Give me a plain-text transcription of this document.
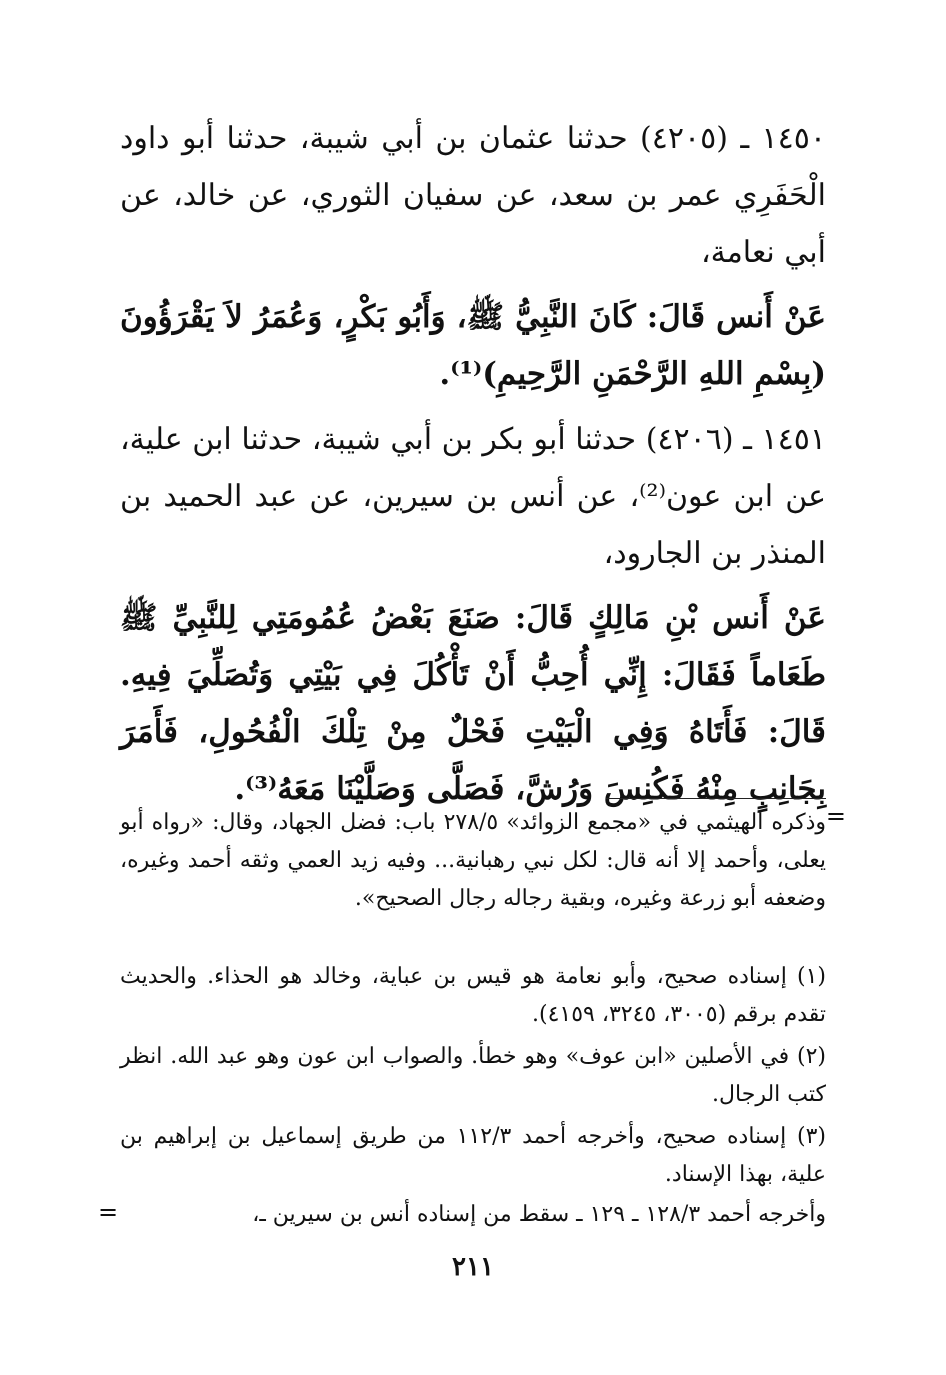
١٤٥٠ ـ (٤٢٠٥) حدثنا عثمان بن أبي شيبة، حدثنا أبو داود الْحَفَرِي عمر بن سعد، عن سفيان الثوري، عن خالد، عن أبي نعامة،

عَنْ أَنس قَالَ: كَانَ النَّبِيُّ ﷺ، وَأَبُو بَكْرٍ، وَعُمَرُ لاَ يَقْرَؤُونَ (بِسْمِ اللهِ الرَّحْمَنِ الرَّحِيمِ)⁽¹⁾.

١٤٥١ ـ (٤٢٠٦) حدثنا أبو بكر بن أبي شيبة، حدثنا ابن علية، عن ابن عون⁽²⁾، عن أنس بن سيرين، عن عبد الحميد بن المنذر بن الجارود،

عَنْ أَنس بْنِ مَالِكٍ قَالَ: صَنَعَ بَعْضُ عُمُومَتِي لِلنَّبِيِّ ﷺ طَعَاماً فَقَالَ: إِنِّي أُحِبُّ أَنْ تَأْكُلَ فِي بَيْتِي وَتُصَلِّيَ فِيهِ. قَالَ: فَأَتَاهُ وَفِي الْبَيْتِ فَحْلٌ مِنْ تِلْكَ الْفُحُولِ، فَأَمَرَ بِجَانِبٍ مِنْهُ فَكُنِسَ وَرُشَّ، فَصَلَّى وَصَلَّيْنَا مَعَهُ⁽³⁾.

=

وذكره الهيثمي في «مجمع الزوائد» ٢٧٨/٥ باب: فضل الجهاد، وقال: «رواه أبو يعلى، وأحمد إلا أنه قال: لكل نبي رهبانية... وفيه زيد العمي وثقه أحمد وغيره، وضعفه أبو زرعة وغيره، وبقية رجاله رجال الصحيح».

(١) إسناده صحيح، وأبو نعامة هو قيس بن عباية، وخالد هو الحذاء. والحديث تقدم برقم (٣٠٠٥، ٣٢٤٥، ٤١٥٩).

(٢) في الأصلين «ابن عوف» وهو خطأ. والصواب ابن عون وهو عبد الله. انظر كتب الرجال.

(٣) إسناده صحيح، وأخرجه أحمد ١١٢/٣ من طريق إسماعيل بن إبراهيم بن علية، بهذا الإسناد.

وأخرجه أحمد ١٢٨/٣ ـ ١٢٩ ـ سقط من إسناده أنس بن سيرين ـ،

=
٢١١
